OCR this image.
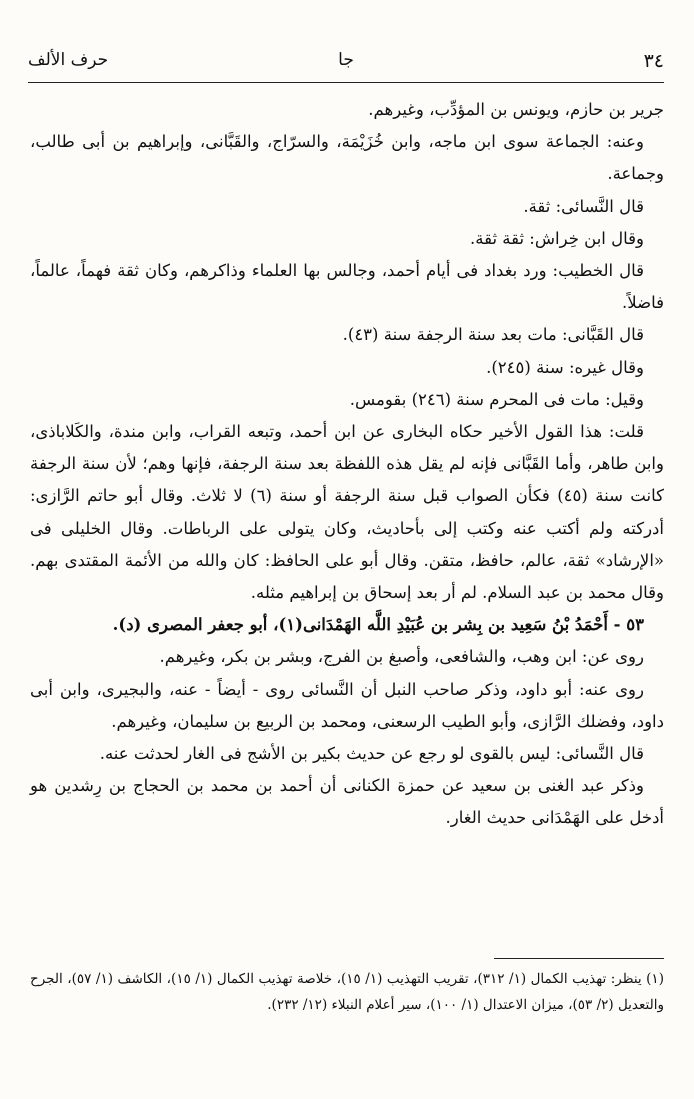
٣٤
جا
حرف الألف

جرير بن حازم، ويونس بن المؤدِّب، وغيرهم.

وعنه: الجماعة سوى ابن ماجه، وابن خُزَيْمَة، والسرّاج، والقَبَّانى، وإبراهيم بن أبى طالب، وجماعة.

قال النَّسائى: ثقة.

وقال ابن خِراش: ثقة ثقة.

قال الخطيب: ورد بغداد فى أيام أحمد، وجالس بها العلماء وذاكرهم، وكان ثقة فهماً، عالماً، فاضلاً.

قال القَبَّانى: مات بعد سنة الرجفة سنة (٤٣).

وقال غيره: سنة (٢٤٥).

وقيل: مات فى المحرم سنة (٢٤٦) بقومس.

قلت: هذا القول الأخير حكاه البخارى عن ابن أحمد، وتبعه القراب، وابن مندة، والكَلاباذى، وابن طاهر، وأما القَبَّانى فإنه لم يقل هذه اللفظة بعد سنة الرجفة، فإنها وهم؛ لأن سنة الرجفة كانت سنة (٤٥) فكأن الصواب قبل سنة الرجفة أو سنة (٦) لا ثلاث. وقال أبو حاتم الرَّازى: أدركته ولم أكتب عنه وكتب إلى بأحاديث، وكان يتولى على الرباطات. وقال الخليلى فى «الإرشاد» ثقة، عالم، حافظ، متقن. وقال أبو على الحافظ: كان والله من الأئمة المقتدى بهم. وقال محمد بن عبد السلام. لم أر بعد إسحاق بن إبراهيم مثله.

٥٣ - أَحْمَدُ بْنُ سَعِيد بن بِشر بن عُبَيْدِ اللَّه الهَمْدَانى(١)، أبو جعفر المصرى (د).

روى عن: ابن وهب، والشافعى، وأصبغ بن الفرج، وبشر بن بكر، وغيرهم.

روى عنه: أبو داود، وذكر صاحب النبل أن النَّسائى روى - أيضاً - عنه، والبجيرى، وابن أبى داود، وفضلك الرَّازى، وأبو الطيب الرسعنى، ومحمد بن الربيع بن سليمان، وغيرهم.

قال النَّسائى: ليس بالقوى لو رجع عن حديث بكير بن الأشج فى الغار لحدثت عنه.

وذكر عبد الغنى بن سعيد عن حمزة الكنانى أن أحمد بن محمد بن الحجاج بن رِشدين هو أدخل على الهَمْدَانى حديث الغار.

(١) ينظر: تهذيب الكمال (١/ ٣١٢)، تقريب التهذيب (١/ ١٥)، خلاصة تهذيب الكمال (١/ ١٥)، الكاشف (١/ ٥٧)، الجرح والتعديل (٢/ ٥٣)، ميزان الاعتدال (١/ ١٠٠)، سير أعلام النبلاء (١٢/ ٢٣٢).
